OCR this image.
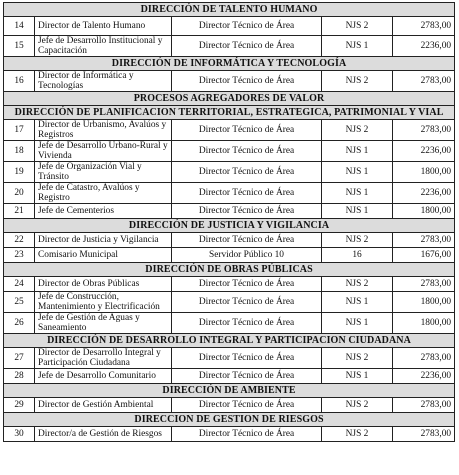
DIRECCIÓN DE TALENTO HUMANO				
14	Director de Talento Humano	Director Técnico de Área	NJS 2	2783,00
15	Jefe de Desarrollo Institucional y Capacitación	Director Técnico de Área	NJS 1	2236,00
DIRECCIÓN DE INFORMÁTICA Y TECNOLOGÍA				
16	Director de Informática y Tecnologías	Director Técnico de Área	NJS 2	2783,00
PROCESOS AGREGADORES DE VALOR				
DIRECCIÓN DE PLANIFICACION TERRITORIAL, ESTRATEGICA, PATRIMONIAL Y VIAL				
17	Director de Urbanismo, Avalúos y Registros	Director Técnico de Área	NJS 2	2783,00
18	Jefe de Desarrollo Urbano-Rural y Vivienda	Director Técnico de Área	NJS 1	2236,00
19	Jefe de Organización Vial y Tránsito	Director Técnico de Área	NJS 1	1800,00
20	Jefe de Catastro, Avalúos y Registro	Director Técnico de Área	NJS 1	2236,00
21	Jefe de Cementerios	Director Técnico de Área	NJS 1	1800,00
DIRECCIÓN DE JUSTICIA Y VIGILANCIA				
22	Director de Justicia y Vigilancia	Director Técnico de Área	NJS 2	2783,00
23	Comisario Municipal	Servidor Público 10	16	1676,00
DIRECCIÓN DE OBRAS PÚBLICAS				
24	Director de Obras Públicas	Director Técnico de Área	NJS 2	2783,00
25	Jefe de Construcción, Mantenimiento y Electrificación	Director Técnico de Área	NJS 1	1800,00
26	Jefe de Gestión de Aguas y Saneamiento	Director Técnico de Área	NJS 1	1800,00
DIRECCIÓN DE DESARROLLO INTEGRAL Y PARTICIPACION CIUDADANA				
27	Director de Desarrollo Integral y Participación Ciudadana	Director Técnico de Área	NJS 2	2783,00
28	Jefe de Desarrollo Comunitario	Director Técnico de Área	NJS 1	2236,00
DIRECCIÓN DE AMBIENTE				
29	Director de Gestión Ambiental	Director Técnico de Área	NJS 2	2783,00
DIRECCION DE GESTION DE RIESGOS				
30	Director/a de Gestión de Riesgos	Director Técnico de Área	NJS 2	2783,00
